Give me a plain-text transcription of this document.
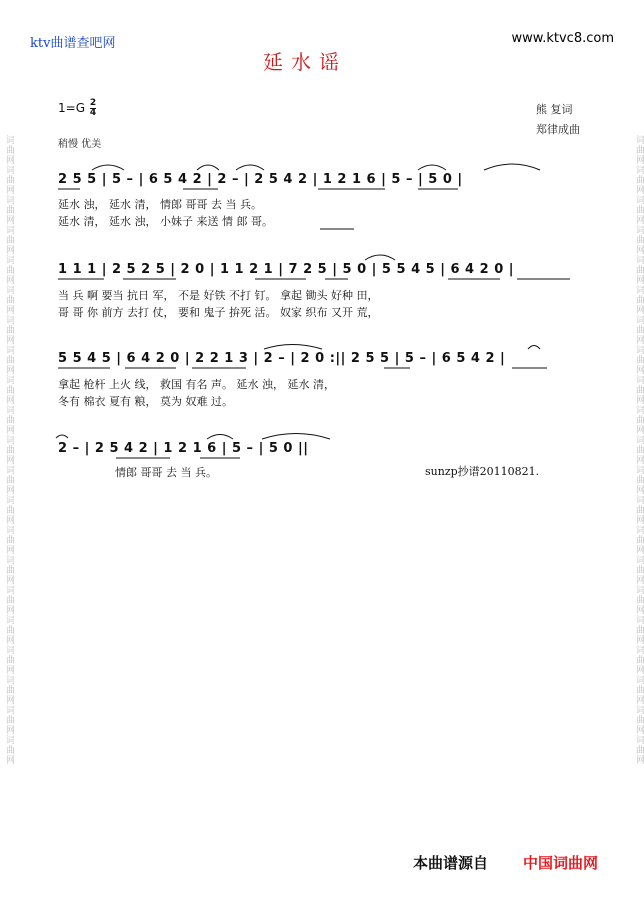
词曲网词曲网词曲网词曲网词曲网词曲网词曲网词曲网词曲网词曲网词曲网词曲网词曲网词曲网词曲网词曲网词曲网词曲网词曲网词曲网词曲网	词曲网词曲网词曲网词曲网词曲网词曲网词曲网词曲网词曲网词曲网词曲网词曲网词曲网词曲网词曲网词曲网词曲网词曲网词曲网词曲网词曲网
ktv曲谱查吧网	www.ktvc8.com
延水谣
$1=G \frac{2}{4}$	熊 复词
郑律成曲
稍慢 优美
2 5 5 | 5 – | 6 5 4 2 | 2 – | 2 5 4 2 | 1 2 1 6 | 5 – | 5 0 |
延水 浊， 延水 清， 情郎 哥哥 去 当 兵。
延水 清， 延水 浊， 小妹子 来送 情 郎 哥。
1 1 1 | 2 5 2 5 | 2 0 | 1 1 2 1 | 7 2 5 | 5 0 | 5 5 4 5 | 6 4 2 0 |
当 兵 啊 要当 抗日 军， 不是 好铁 不打 钉。 拿起 锄头 好种 田，
哥 哥 你 前方 去打 仗， 要和 鬼子 拚死 活。 奴家 织布 又开 荒，
5 5 4 5 | 6 4 2 0 | 2 2 1 3 | 2 – | 2 0 :|| 2 5 5 | 5 – | 6 5 4 2 |
拿起 枪杆 上火 线， 救国 有名 声。 延水 浊， 延水 清，
冬有 棉衣 夏有 粮， 莫为 奴难 过。
2 – | 2 5 4 2 | 1 2 1 6 | 5 – | 5 0 ||
情郎 哥哥 去 当 兵。	sunzp抄谱20110821.
本曲谱源自 中国词曲网
